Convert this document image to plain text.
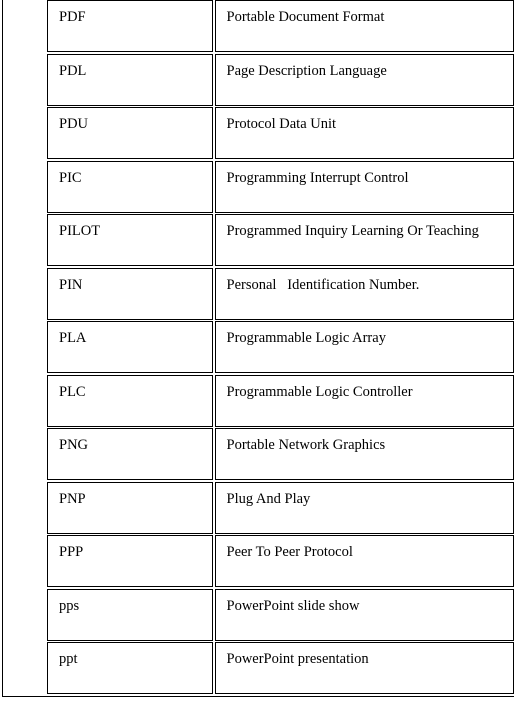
PDF	Portable Document Format
PDL	Page Description Language
PDU	Protocol Data Unit
PIC	Programming Interrupt Control
PILOT	Programmed Inquiry Learning Or Teaching
PIN	Personal   Identification Number.
PLA	Programmable Logic Array
PLC	Programmable Logic Controller
PNG	Portable Network Graphics
PNP	Plug And Play
PPP	Peer To Peer Protocol
pps	PowerPoint slide show
ppt	PowerPoint presentation
